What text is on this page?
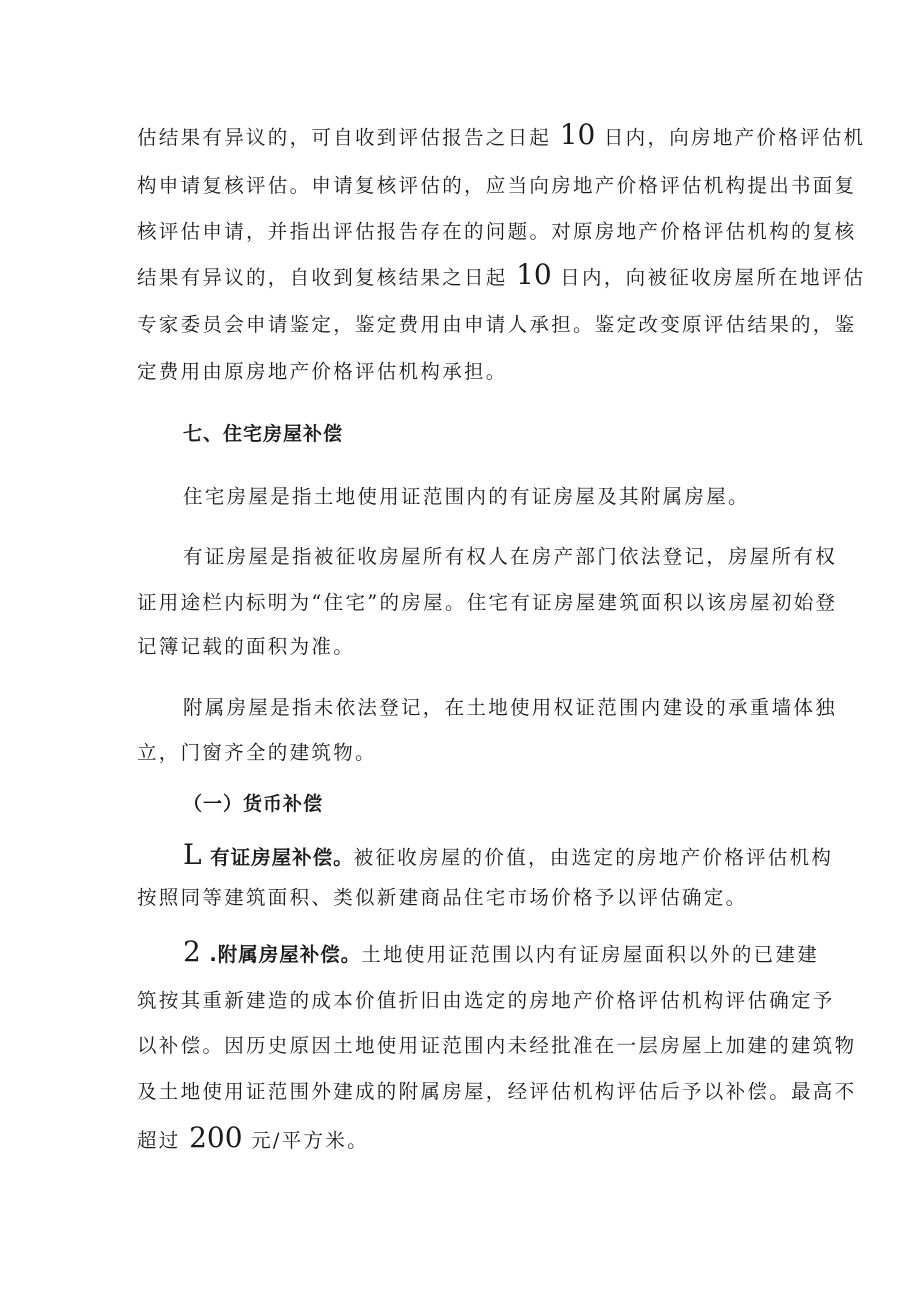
估结果有异议的，可自收到评估报告之日起 10 日内，向房地产价格评估机
构申请复核评估。申请复核评估的，应当向房地产价格评估机构提出书面复
核评估申请，并指出评估报告存在的问题。对原房地产价格评估机构的复核
结果有异议的，自收到复核结果之日起 10 日内，向被征收房屋所在地评估
专家委员会申请鉴定，鉴定费用由申请人承担。鉴定改变原评估结果的，鉴
定费用由原房地产价格评估机构承担。
七、住宅房屋补偿
住宅房屋是指土地使用证范围内的有证房屋及其附属房屋。
有证房屋是指被征收房屋所有权人在房产部门依法登记，房屋所有权
证用途栏内标明为“住宅”的房屋。住宅有证房屋建筑面积以该房屋初始登
记簿记载的面积为准。
附属房屋是指未依法登记，在土地使用权证范围内建设的承重墙体独
立，门窗齐全的建筑物。
（一）货币补偿
L 有证房屋补偿。被征收房屋的价值，由选定的房地产价格评估机构
按照同等建筑面积、类似新建商品住宅市场价格予以评估确定。
2 .附属房屋补偿。土地使用证范围以内有证房屋面积以外的已建建
筑按其重新建造的成本价值折旧由选定的房地产价格评估机构评估确定予
以补偿。因历史原因土地使用证范围内未经批准在一层房屋上加建的建筑物
及土地使用证范围外建成的附属房屋，经评估机构评估后予以补偿。最高不
超过 200 元/平方米。
